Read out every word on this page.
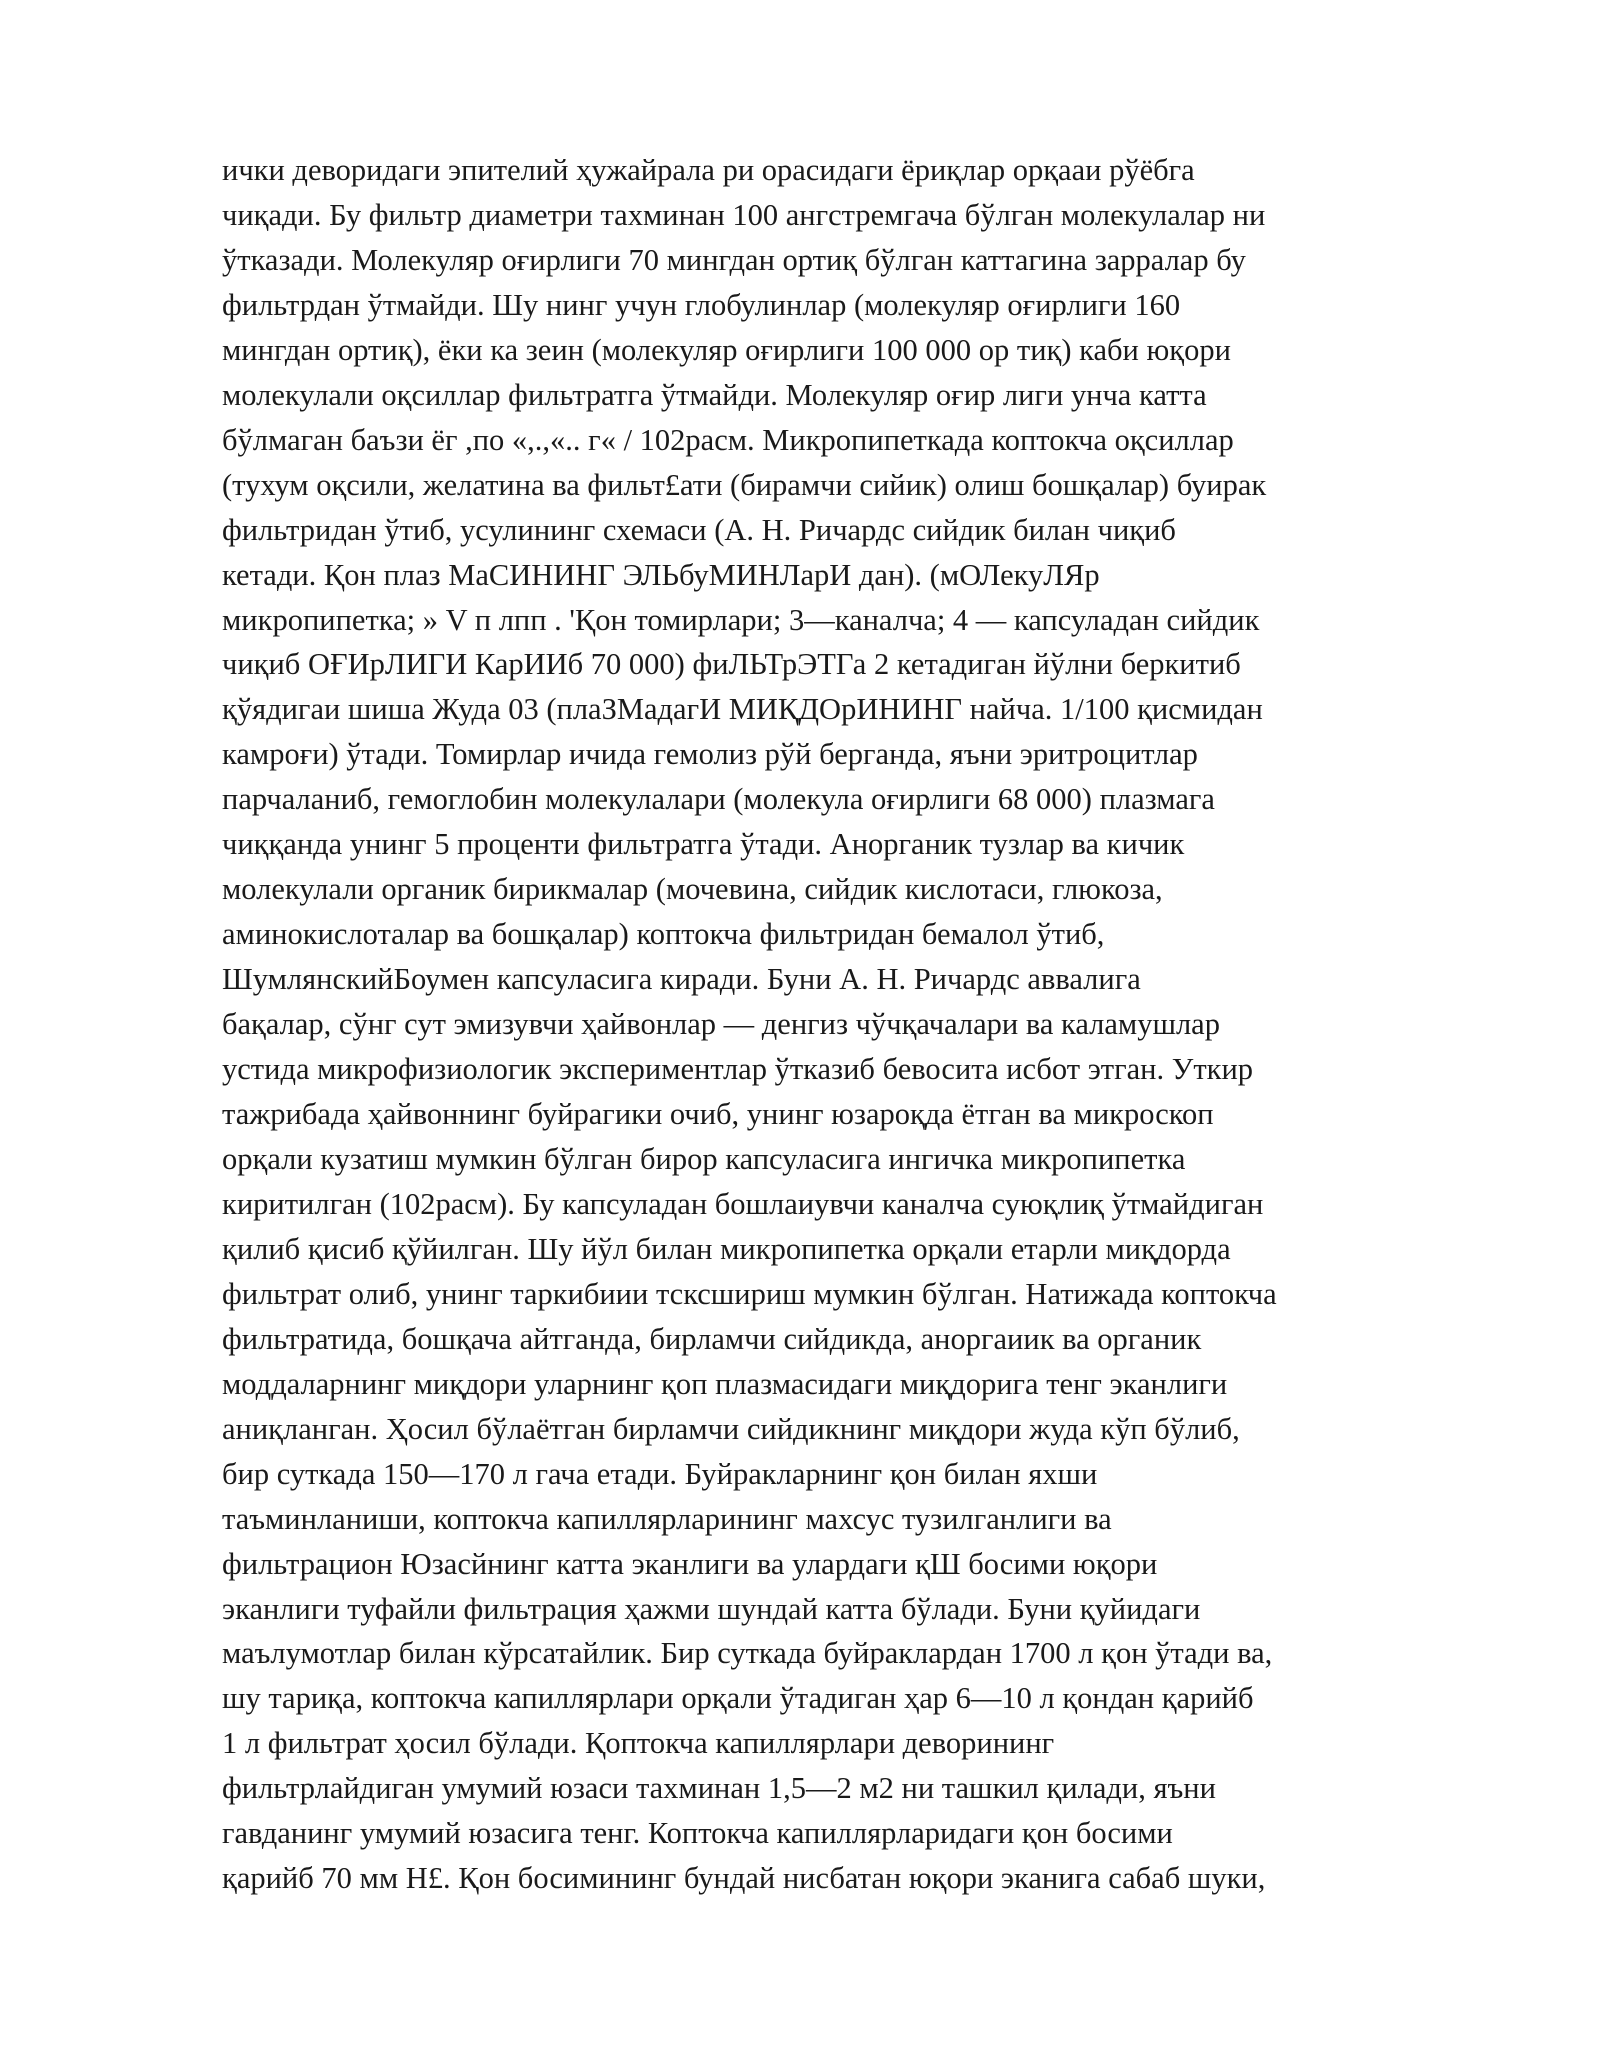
ички деворидаги эпителий ҳужайрала ри орасидаги ёриқлар орқааи рўёбга
чиқади. Бу фильтр диаметри тахминан 100 ангстремгача бўлган молекулалар ни
ўтказади. Молекуляр оғирлиги 70 мингдан ортиқ бўлган каттагина зарралар бу
фильтрдан ўтмайди. Шу нинг учун глобулинлар (молекуляр оғирлиги 160
мингдан ортиқ), ёки ка зеин (молекуляр оғирлиги 100 000 ор тиқ) каби юқори
молекулали оқсиллар фильтратга ўтмайди. Молекуляр оғир лиги унча катта
бўлмаган баъзи ёг ,по «,.,«.. г« / 102расм. Микропипеткада коптокча оқсиллар
(тухум оқсили, желатина ва фильт£ати (бирамчи сийик) олиш бошқалар) буирак
фильтридан ўтиб, усулининг схемаси (А. Н. Ричардс сийдик билан чиқиб
кетади. Қон плаз МаСИНИНГ ЭЛЬбуМИНЛарИ дан). (мОЛекуЛЯр
микропипетка; » V п лпп . 'Қон томирлари; 3—каналча; 4 — капсуладан сийдик
чиқиб ОҒИрЛИГИ КарИИб 70 000) фиЛЬТрЭТГа 2 кетадиган йўлни беркитиб
қўядигаи шиша Жуда 03 (плаЗМадагИ МИҚДОрИНИНГ найча. 1/100 қисмидан
камроғи) ўтади. Томирлар ичида гемолиз рўй берганда, яъни эритроцитлар
парчаланиб, гемоглобин молекулалари (молекула оғирлиги 68 000) плазмага
чиққанда унинг 5 проценти фильтратга ўтади. Анорганик тузлар ва кичик
молекулали органик бирикмалар (мочевина, сийдик кислотаси, глюкоза,
аминокислоталар ва бошқалар) коптокча фильтридан бемалол ўтиб,
ШумлянскийБоумен капсуласига киради. Буни А. Н. Ричардс аввалига
бақалар, сўнг сут эмизувчи ҳайвонлар — денгиз чўчқачалари ва каламушлар
устида микрофизиологик экспериментлар ўтказиб бевосита исбот этган. Уткир
тажрибада ҳайвоннинг буйрагики очиб, унинг юзароқда ётган ва микроскоп
орқали кузатиш мумкин бўлган бирор капсуласига ингичка микропипетка
киритилган (102расм). Бу капсуладан бошлаиувчи каналча суюқлиқ ўтмайдиган
қилиб қисиб қўйилган. Шу йўл билан микропипетка орқали етарли миқдорда
фильтрат олиб, унинг таркибиии тсксшириш мумкин бўлган. Натижада коптокча
фильтратида, бошқача айтганда, бирламчи сийдикда, аноргаиик ва органик
моддаларнинг миқдори уларнинг қоп плазмасидаги миқдорига тенг эканлиги
аниқланган. Ҳосил бўлаётган бирламчи сийдикнинг миқдори жуда кўп бўлиб,
бир суткада 150—170 л гача етади. Буйракларнинг қон билан яхши
таъминланиши, коптокча капиллярларининг махсус тузилганлиги ва
фильтрацион Юзасйнинг катта эканлиги ва улардаги қШ босими юқори
эканлиги туфайли фильтрация ҳажми шундай катта бўлади. Буни қуйидаги
маълумотлар билан кўрсатайлик. Бир суткада буйраклардан 1700 л қон ўтади ва,
шу тариқа, коптокча капиллярлари орқали ўтадиган ҳар 6—10 л қондан қарийб
1 л фильтрат ҳосил бўлади. Қоптокча капиллярлари деворининг
фильтрлайдиган умумий юзаси тахминан 1,5—2 м2 ни ташкил қилади, яъни
гавданинг умумий юзасига тенг. Коптокча капиллярларидаги қон босими
қарийб 70 мм Н£. Қон босимининг бундай нисбатан юқори эканига сабаб шуки,
